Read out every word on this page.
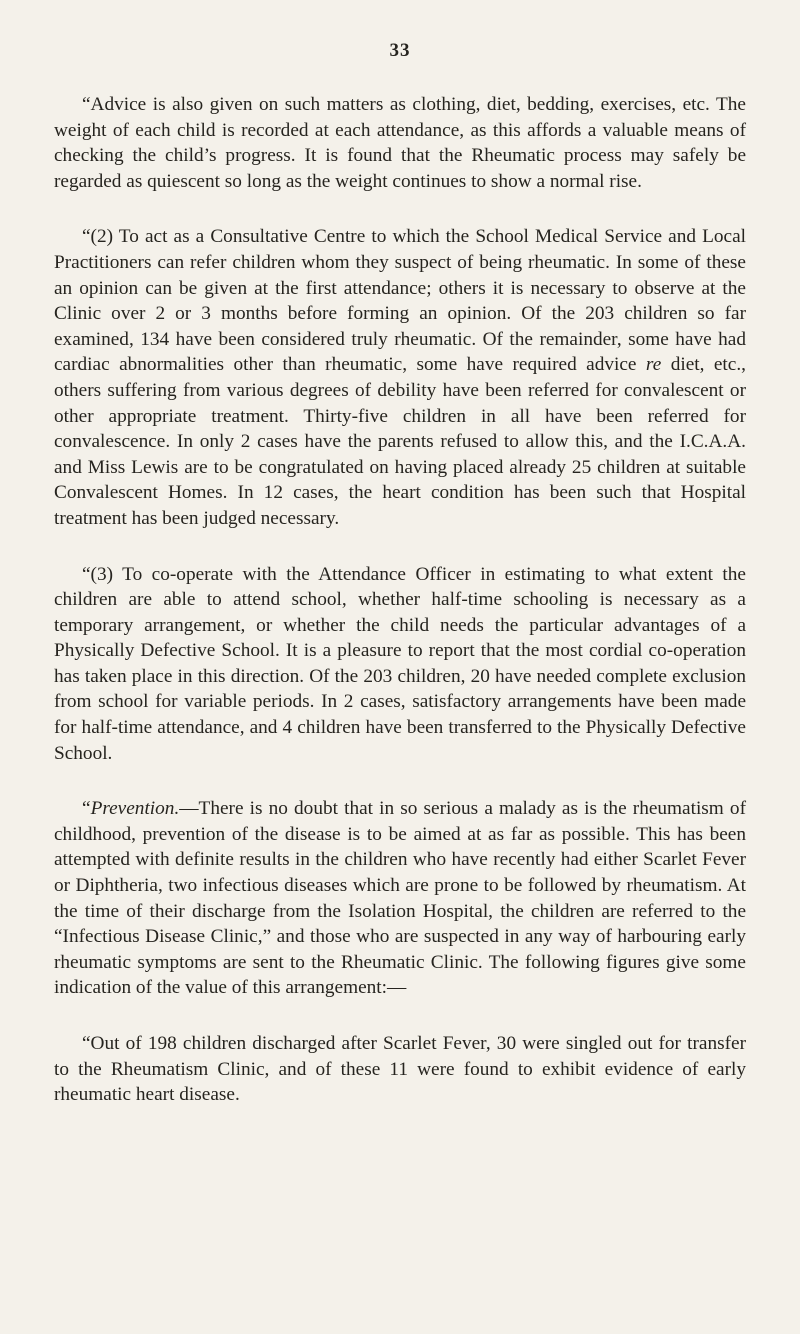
33

“Advice is also given on such matters as clothing, diet, bedding, exercises, etc. The weight of each child is recorded at each attendance, as this affords a valuable means of checking the child’s progress. It is found that the Rheumatic process may safely be regarded as quiescent so long as the weight continues to show a normal rise.

“(2) To act as a Consultative Centre to which the School Medical Service and Local Practitioners can refer children whom they suspect of being rheumatic. In some of these an opinion can be given at the first attendance; others it is necessary to observe at the Clinic over 2 or 3 months before forming an opinion. Of the 203 children so far examined, 134 have been considered truly rheumatic. Of the remainder, some have had cardiac abnormalities other than rheumatic, some have required advice re diet, etc., others suffering from various degrees of debility have been referred for convalescent or other appropriate treatment. Thirty-five children in all have been referred for convalescence. In only 2 cases have the parents refused to allow this, and the I.C.A.A. and Miss Lewis are to be congratulated on having placed already 25 children at suitable Convalescent Homes. In 12 cases, the heart condition has been such that Hospital treatment has been judged necessary.

“(3) To co-operate with the Attendance Officer in estimating to what extent the children are able to attend school, whether half-time schooling is necessary as a temporary arrangement, or whether the child needs the particular advantages of a Physically Defective School. It is a pleasure to report that the most cordial co-operation has taken place in this direction. Of the 203 children, 20 have needed complete exclusion from school for variable periods. In 2 cases, satisfactory arrangements have been made for half-time attendance, and 4 children have been transferred to the Physically Defective School.

“Prevention.—There is no doubt that in so serious a malady as is the rheumatism of childhood, prevention of the disease is to be aimed at as far as possible. This has been attempted with definite results in the children who have recently had either Scarlet Fever or Diphtheria, two infectious diseases which are prone to be followed by rheumatism. At the time of their discharge from the Isolation Hospital, the children are referred to the “Infectious Disease Clinic,” and those who are suspected in any way of harbouring early rheumatic symptoms are sent to the Rheumatic Clinic. The following figures give some indication of the value of this arrangement:—

“Out of 198 children discharged after Scarlet Fever, 30 were singled out for transfer to the Rheumatism Clinic, and of these 11 were found to exhibit evidence of early rheumatic heart disease.
